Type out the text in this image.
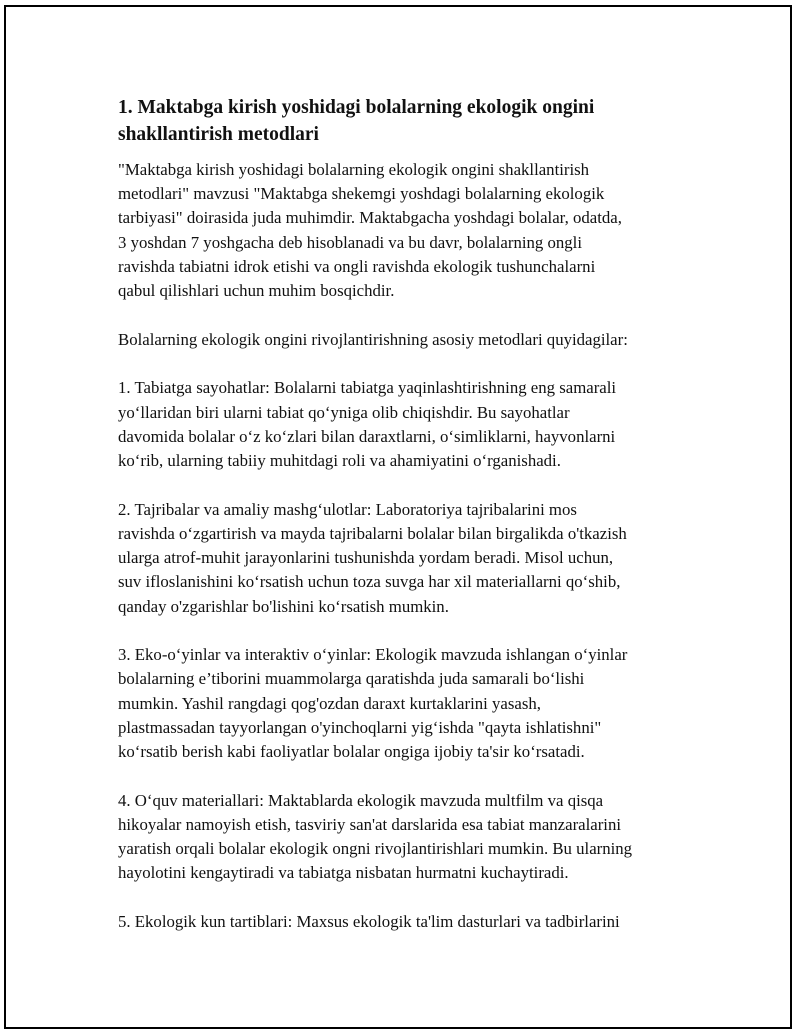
1. Maktabga kirish yoshidagi bolalarning ekologik ongini
shakllantirish metodlari
"Maktabga kirish yoshidagi bolalarning ekologik ongini shakllantirish
metodlari" mavzusi "Maktabga shekemgi yoshdagi bolalarning ekologik
tarbiyasi" doirasida juda muhimdir. Maktabgacha yoshdagi bolalar, odatda,
3 yoshdan 7 yoshgacha deb hisoblanadi va bu davr, bolalarning ongli
ravishda tabiatni idrok etishi va ongli ravishda ekologik tushunchalarni
qabul qilishlari uchun muhim bosqichdir.
Bolalarning ekologik ongini rivojlantirishning asosiy metodlari quyidagilar:
1. Tabiatga sayohatlar: Bolalarni tabiatga yaqinlashtirishning eng samarali
yo‘llaridan biri ularni tabiat qo‘yniga olib chiqishdir. Bu sayohatlar
davomida bolalar o‘z ko‘zlari bilan daraxtlarni, o‘simliklarni, hayvonlarni
ko‘rib, ularning tabiiy muhitdagi roli va ahamiyatini o‘rganishadi.
2. Tajribalar va amaliy mashg‘ulotlar: Laboratoriya tajribalarini mos
ravishda o‘zgartirish va mayda tajribalarni bolalar bilan birgalikda o'tkazish
ularga atrof-muhit jarayonlarini tushunishda yordam beradi. Misol uchun,
suv ifloslanishini ko‘rsatish uchun toza suvga har xil materiallarni qo‘shib,
qanday o'zgarishlar bo'lishini ko‘rsatish mumkin.
3. Eko-o‘yinlar va interaktiv o‘yinlar: Ekologik mavzuda ishlangan o‘yinlar
bolalarning e’tiborini muammolarga qaratishda juda samarali bo‘lishi
mumkin. Yashil rangdagi qog'ozdan daraxt kurtaklarini yasash,
plastmassadan tayyorlangan o'yinchoqlarni yig‘ishda "qayta ishlatishni"
ko‘rsatib berish kabi faoliyatlar bolalar ongiga ijobiy ta'sir ko‘rsatadi.
4. O‘quv materiallari: Maktablarda ekologik mavzuda multfilm va qisqa
hikoyalar namoyish etish, tasviriy san'at darslarida esa tabiat manzaralarini
yaratish orqali bolalar ekologik ongni rivojlantirishlari mumkin. Bu ularning
hayolotini kengaytiradi va tabiatga nisbatan hurmatni kuchaytiradi.
5. Ekologik kun tartiblari: Maxsus ekologik ta'lim dasturlari va tadbirlarini
